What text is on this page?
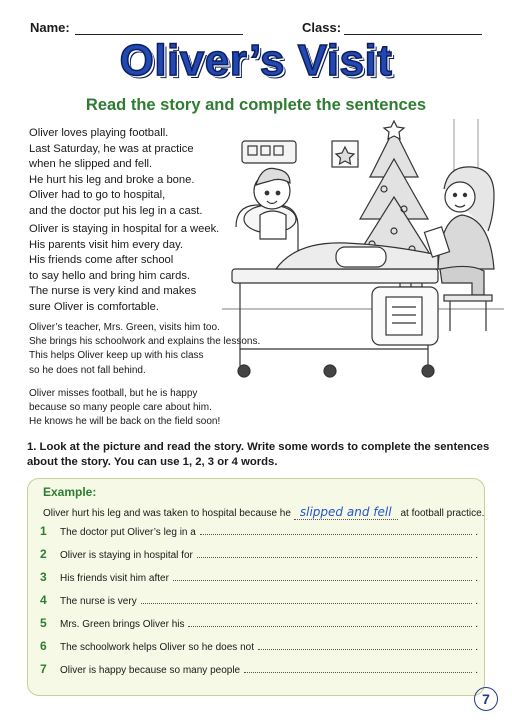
Name:	Class:
Oliver’s Visit
Read the story and complete the sentences

Oliver loves playing football.

Last Saturday, he was at practice

when he slipped and fell.

He hurt his leg and broke a bone.

Oliver had to go to hospital,

and the doctor put his leg in a cast.

Oliver is staying in hospital for a week.

His parents visit him every day.

His friends come after school

to say hello and bring him cards.

The nurse is very kind and makes

sure Oliver is comfortable.

Oliver’s teacher, Mrs. Green, visits him too.

She brings his schoolwork and explains the lessons.

This helps Oliver keep up with his class

so he does not fall behind.

Oliver misses football, but he is happy

because so many people care about him.

He knows he will be back on the field soon!

1. Look at the picture and read the story. Write some words to complete the sentences about the story. You can use 1, 2, 3 or 4 words.
Example:
Oliver hurt his leg and was taken to hospital because he slipped and fell at football practice.
1	The doctor put Oliver’s leg in a	.
2	Oliver is staying in hospital for	.
3	His friends visit him after	.
4	The nurse is very	.
5	Mrs. Green brings Oliver his	.
6	The schoolwork helps Oliver so he does not	.
7	Oliver is happy because so many people	.
7
